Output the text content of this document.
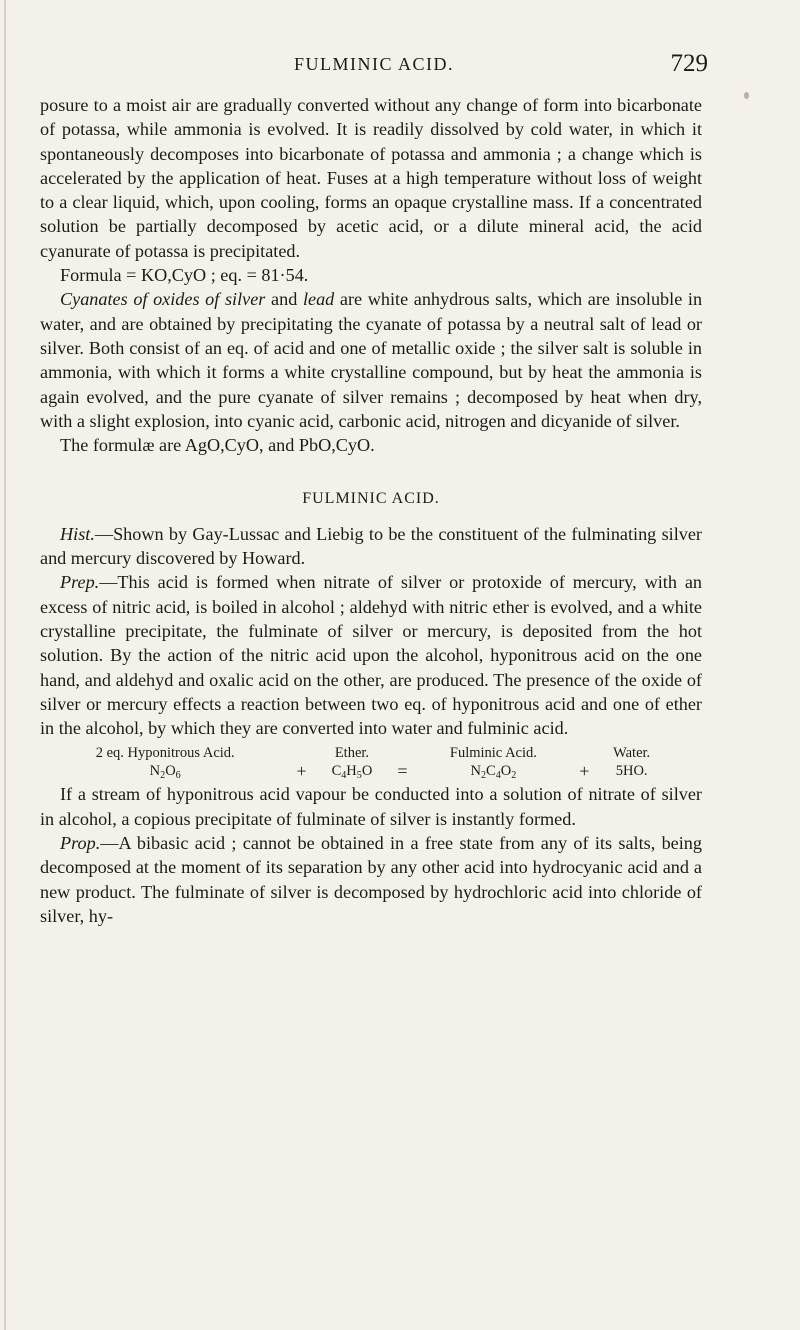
FULMINIC ACID.	729

posure to a moist air are gradually converted without any change of form into bicarbonate of potassa, while ammonia is evolved. It is readily dissolved by cold water, in which it spontaneously decomposes into bicarbonate of potassa and ammonia ; a change which is accelerated by the application of heat. Fuses at a high temperature without loss of weight to a clear liquid, which, upon cooling, forms an opaque crystalline mass. If a concentrated solution be partially decomposed by acetic acid, or a dilute mineral acid, the acid cyanurate of potassa is precipitated.

Formula = KO,CyO ; eq. = 81·54.

Cyanates of oxides of silver and lead are white anhydrous salts, which are insoluble in water, and are obtained by precipitating the cyanate of potassa by a neutral salt of lead or silver. Both consist of an eq. of acid and one of metallic oxide ; the silver salt is soluble in ammonia, with which it forms a white crystalline compound, but by heat the ammonia is again evolved, and the pure cyanate of silver remains ; decomposed by heat when dry, with a slight explosion, into cyanic acid, carbonic acid, nitrogen and dicyanide of silver.

The formulæ are AgO,CyO, and PbO,CyO.

FULMINIC ACID.

Hist.—Shown by Gay-Lussac and Liebig to be the constituent of the fulminating silver and mercury discovered by Howard.

Prep.—This acid is formed when nitrate of silver or protoxide of mercury, with an excess of nitric acid, is boiled in alcohol ; aldehyd with nitric ether is evolved, and a white crystalline precipitate, the fulminate of silver or mercury, is deposited from the hot solution. By the action of the nitric acid upon the alcohol, hyponitrous acid on the one hand, and aldehyd and oxalic acid on the other, are produced. The presence of the oxide of silver or mercury effects a reaction between two eq. of hyponitrous acid and one of ether in the alcohol, by which they are converted into water and fulminic acid.

2 eq. Hyponitrous Acid.		Ether.		Fulminic Acid.		Water.
$N_2O_6$	+	$C_4H_5O$	=	$N_2C_4O_2$	+	5HO.

If a stream of hyponitrous acid vapour be conducted into a solution of nitrate of silver in alcohol, a copious precipitate of fulminate of silver is instantly formed.

Prop.—A bibasic acid ; cannot be obtained in a free state from any of its salts, being decomposed at the moment of its separation by any other acid into hydrocyanic acid and a new product. The fulminate of silver is decomposed by hydrochloric acid into chloride of silver, hy-
